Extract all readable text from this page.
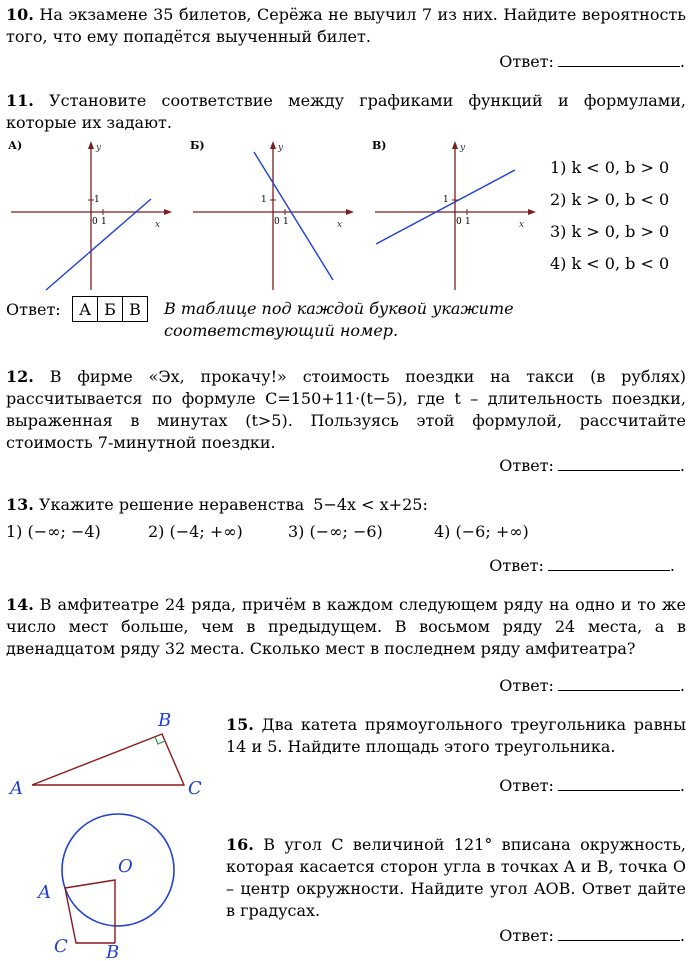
10. На экзамене 35 билетов, Серёжа не выучил 7 из них. Найдите вероятность того, что ему попадётся выученный билет.
Ответ:	.
11. Установите соответствие между графиками функций и формулами, которые их задают.
А)	y
x
1
0 1
Б)	y
x
1
0 1
В)	y
x
1
0 1
1) k < 0, b > 0
2) k > 0, b < 0
3) k > 0, b > 0
4) k < 0, b < 0
Ответ: А	Б	В В таблице под каждой буквой укажите соответствующий номер.
12. В фирме «Эх, прокачу!» стоимость поездки на такси (в рублях) рассчитывается по формуле C=150+11·(t−5), где t – длительность поездки, выраженная в минутах (t>5). Пользуясь этой формулой, рассчитайте стоимость 7-минутной поездки.
Ответ:	.
13. Укажите решение неравенства 5−4x < x+25:
1) (−∞; −4)	2) (−4; +∞)	3) (−∞; −6)	4) (−6; +∞)
Ответ:	.
14. В амфитеатре 24 ряда, причём в каждом следующем ряду на одно и то же число мест больше, чем в предыдущем. В восьмом ряду 24 места, а в двенадцатом ряду 32 места. Сколько мест в последнем ряду амфитеатра?
Ответ:	.
A
B
C
15. Два катета прямоугольного треугольника равны 14 и 5. Найдите площадь этого треугольника.
Ответ:	.
O
A
C B
16. В угол C величиной 121° вписана окружность, которая касается сторон угла в точках A и B, точка O – центр окружности. Найдите угол AOB. Ответ дайте в градусах.
Ответ:	.
